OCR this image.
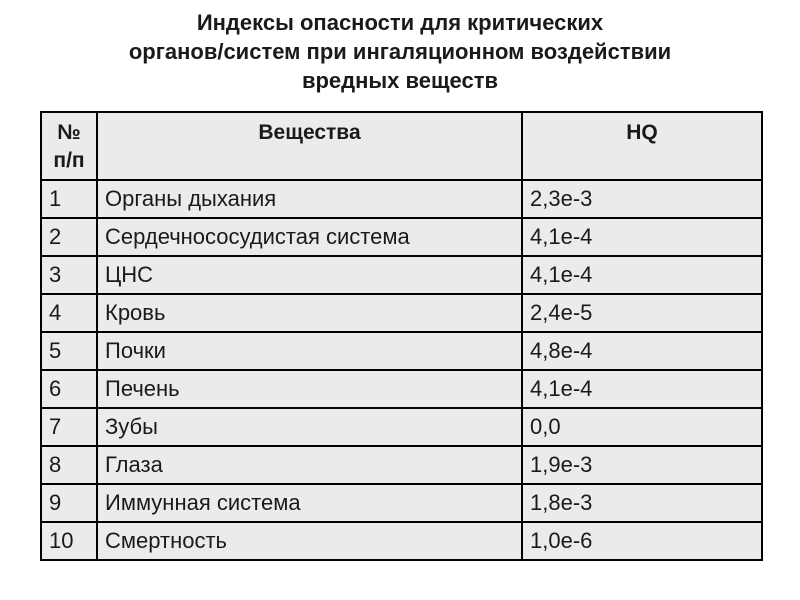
Индексы опасности для критических
органов/систем при ингаляционном воздействии
вредных веществ
№
п/п	Вещества	HQ
1	Органы дыхания	2,3е-3
2	Сердечнососудистая система	4,1е-4
3	ЦНС	4,1е-4
4	Кровь	2,4е-5
5	Почки	4,8е-4
6	Печень	4,1е-4
7	Зубы	0,0
8	Глаза	1,9е-3
9	Иммунная система	1,8е-3
10	Смертность	1,0е-6
